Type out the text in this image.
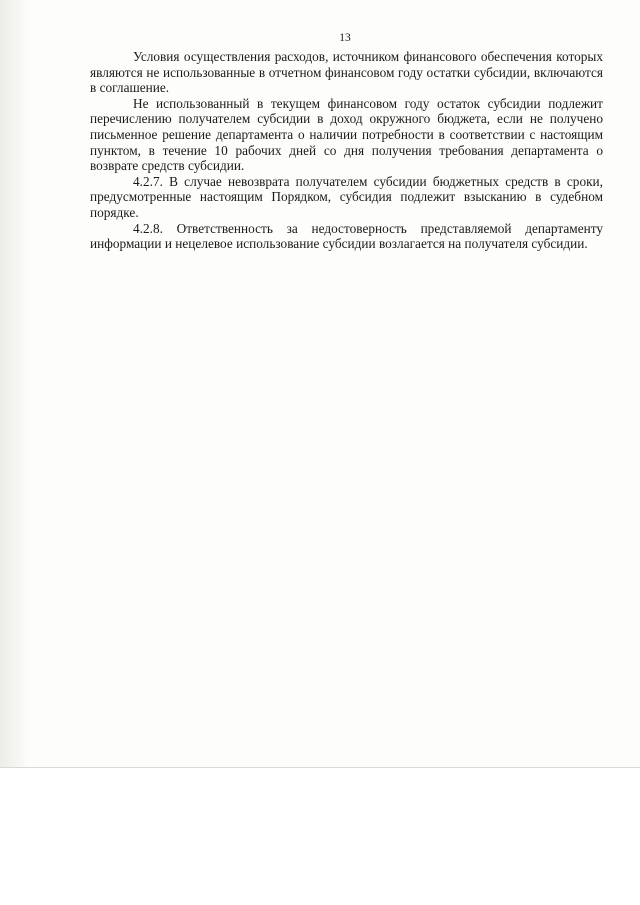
13

Условия осуществления расходов, источником финансового обеспечения которых являются не использованные в отчетном финансовом году остатки субсидии, включаются в соглашение.

Не использованный в текущем финансовом году остаток субсидии подлежит перечислению получателем субсидии в доход окружного бюджета, если не получено письменное решение департамента о наличии потребности в соответствии с настоящим пунктом, в течение 10 рабочих дней со дня получения требования департамента о возврате средств субсидии.

4.2.7. В случае невозврата получателем субсидии бюджетных средств в сроки, предусмотренные настоящим Порядком, субсидия подлежит взысканию в судебном порядке.

4.2.8. Ответственность за недостоверность представляемой департаменту информации и нецелевое использование субсидии возлагается на получателя субсидии.
